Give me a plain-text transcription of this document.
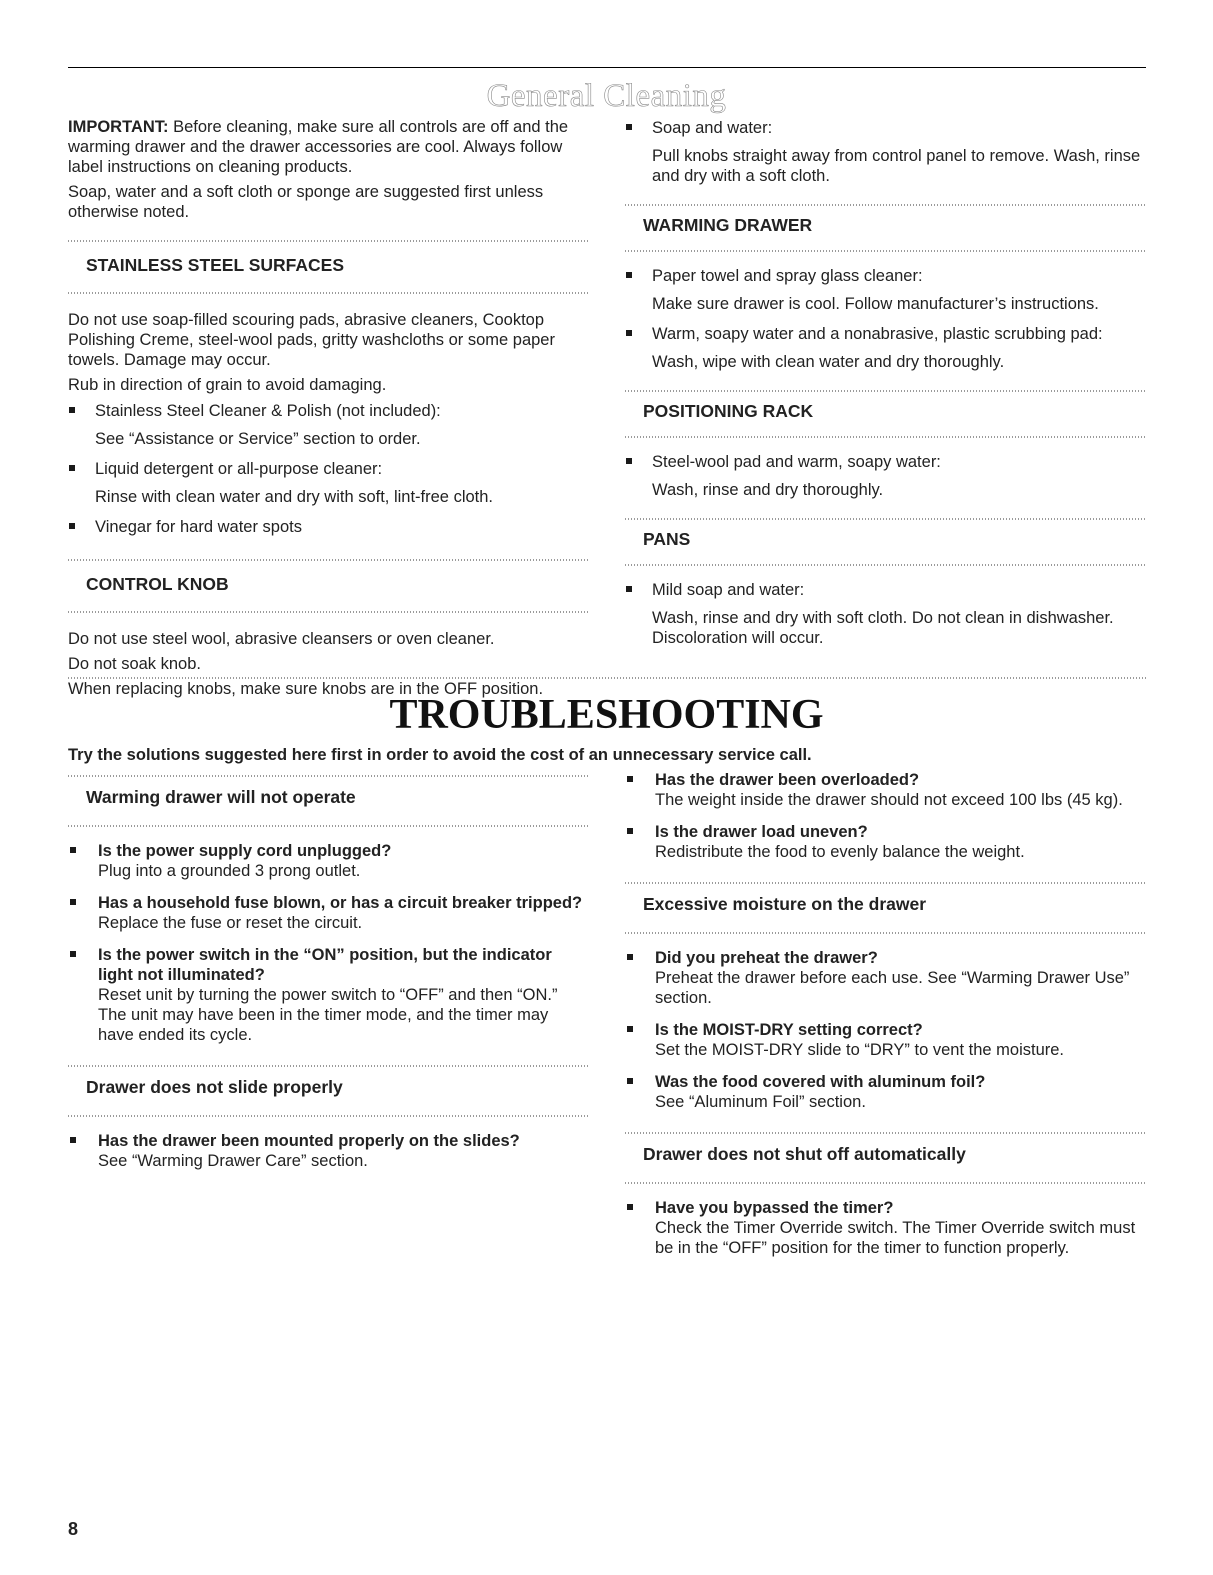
General Cleaning

IMPORTANT: Before cleaning, make sure all controls are off and the warming drawer and the drawer accessories are cool. Always follow label instructions on cleaning products.

Soap, water and a soft cloth or sponge are suggested first unless otherwise noted.

STAINLESS STEEL SURFACES

Do not use soap-filled scouring pads, abrasive cleaners, Cooktop Polishing Creme, steel-wool pads, gritty washcloths or some paper towels. Damage may occur.

Rub in direction of grain to avoid damaging.

Stainless Steel Cleaner & Polish (not included):
See “Assistance or Service” section to order.
Liquid detergent or all-purpose cleaner:
Rinse with clean water and dry with soft, lint-free cloth.
Vinegar for hard water spots
CONTROL KNOB

Do not use steel wool, abrasive cleansers or oven cleaner.

Do not soak knob.

When replacing knobs, make sure knobs are in the OFF position.

Soap and water:
Pull knobs straight away from control panel to remove. Wash, rinse and dry with a soft cloth.
WARMING DRAWER
Paper towel and spray glass cleaner:
Make sure drawer is cool. Follow manufacturer’s instructions.
Warm, soapy water and a nonabrasive, plastic scrubbing pad:
Wash, wipe with clean water and dry thoroughly.
POSITIONING RACK
Steel-wool pad and warm, soapy water:
Wash, rinse and dry thoroughly.
PANS
Mild soap and water:
Wash, rinse and dry with soft cloth. Do not clean in dishwasher. Discoloration will occur.
TROUBLESHOOTING
Try the solutions suggested here first in order to avoid the cost of an unnecessary service call.
Warming drawer will not operate
Is the power supply cord unplugged?
Plug into a grounded 3 prong outlet.
Has a household fuse blown, or has a circuit breaker tripped?
Replace the fuse or reset the circuit.
Is the power switch in the “ON” position, but the indicator light not illuminated?
Reset unit by turning the power switch to “OFF” and then “ON.” The unit may have been in the timer mode, and the timer may have ended its cycle.
Drawer does not slide properly
Has the drawer been mounted properly on the slides?
See “Warming Drawer Care” section.
Has the drawer been overloaded?
The weight inside the drawer should not exceed 100 lbs (45 kg).
Is the drawer load uneven?
Redistribute the food to evenly balance the weight.
Excessive moisture on the drawer
Did you preheat the drawer?
Preheat the drawer before each use. See “Warming Drawer Use” section.
Is the MOIST-DRY setting correct?
Set the MOIST-DRY slide to “DRY” to vent the moisture.
Was the food covered with aluminum foil?
See “Aluminum Foil” section.
Drawer does not shut off automatically
Have you bypassed the timer?
Check the Timer Override switch. The Timer Override switch must be in the “OFF” position for the timer to function properly.
8
